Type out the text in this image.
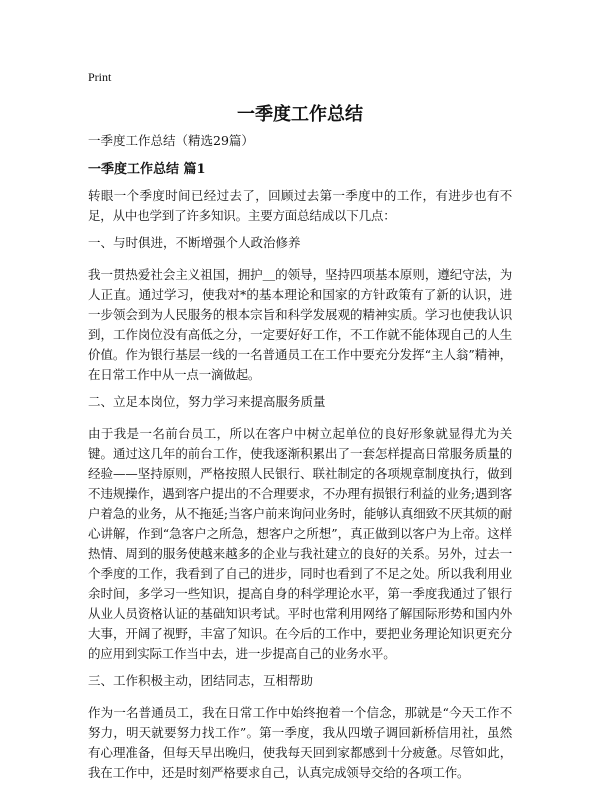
Print
一季度工作总结

一季度工作总结（精选29篇）

一季度工作总结 篇1

转眼一个季度时间已经过去了，回顾过去第一季度中的工作，有进步也有不足，从中也学到了许多知识。主要方面总结成以下几点：

一、与时俱进，不断增强个人政治修养

我一贯热爱社会主义祖国，拥护＿的领导，坚持四项基本原则，遵纪守法，为人正直。通过学习，使我对*的基本理论和国家的方针政策有了新的认识，进一步领会到为人民服务的根本宗旨和科学发展观的精神实质。学习也使我认识到，工作岗位没有高低之分，一定要好好工作，不工作就不能体现自己的人生价值。作为银行基层一线的一名普通员工在工作中要充分发挥“主人翁”精神，在日常工作中从一点一滴做起。

二、立足本岗位，努力学习来提高服务质量

由于我是一名前台员工，所以在客户中树立起单位的良好形象就显得尤为关键。通过这几年的前台工作，使我逐渐积累出了一套怎样提高日常服务质量的经验——坚持原则，严格按照人民银行、联社制定的各项规章制度执行，做到不违规操作，遇到客户提出的不合理要求，不办理有损银行利益的业务;遇到客户着急的业务，从不拖延;当客户前来询问业务时，能够认真细致不厌其烦的耐心讲解，作到“急客户之所急，想客户之所想”，真正做到以客户为上帝。这样热情、周到的服务使越来越多的企业与我社建立的良好的关系。另外，过去一个季度的工作，我看到了自己的进步，同时也看到了不足之处。所以我利用业余时间，多学习一些知识，提高自身的科学理论水平，第一季度我通过了银行从业人员资格认证的基础知识考试。平时也常利用网络了解国际形势和国内外大事，开阔了视野，丰富了知识。在今后的工作中，要把业务理论知识更充分的应用到实际工作当中去，进一步提高自己的业务水平。

三、工作积极主动，团结同志，互相帮助

作为一名普通员工，我在日常工作中始终抱着一个信念，那就是“今天工作不努力，明天就要努力找工作”。第一季度，我从四墩子调回新桥信用社，虽然有心理准备，但每天早出晚归，使我每天回到家都感到十分疲惫。尽管如此，我在工作中，还是时刻严格要求自己，认真完成领导交给的各项工作。
